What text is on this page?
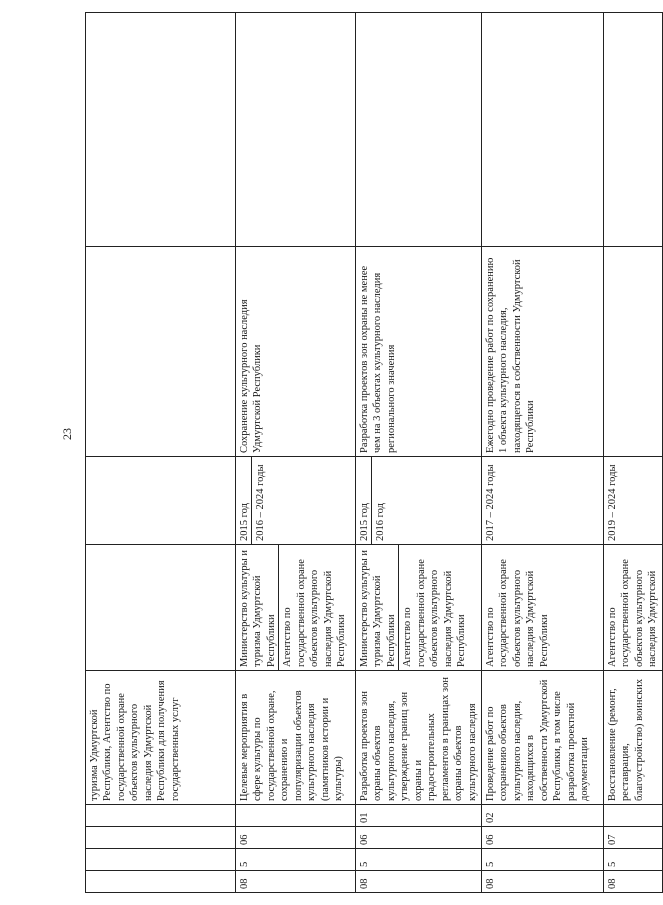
23
				туризма Удмуртской Республики, Агентство по государственной охране объектов культурного наследия Удмуртской Республики для получения государственных услуг				
08	5	06		Целевые мероприятия в сфере культуры по государственной охране, сохранению и популяризации объектов культурного наследия (памятников истории и культуры)	Министерство культуры и туризма Удмуртской Республики Агентство по государственной охране объектов культурного наследия Удмуртской Республики	2015 год 2016 – 2024 годы	Сохранение культурного наследия Удмуртской Республики	
08	5	06	01	Разработка проектов зон охраны объектов культурного наследия, утверждение границ зон охраны и градостроительных регламентов в границах зон охраны объектов культурного наследия	Министерство культуры и туризма Удмуртской Республики Агентство по государственной охране объектов культурного наследия Удмуртской Республики	2015 год 2016 год	Разработка проектов зон охраны не менее чем на 3 объектах культурного наследия регионального значения	
08	5	06	02	Проведение работ по сохранению объектов культурного наследия, находящихся в собственности Удмуртской Республики, в том числе разработка проектной документации	Агентство по государственной охране объектов культурного наследия Удмуртской Республики	2017 – 2024 годы	Ежегодно проведение работ по сохранению 1 объекта культурного наследия, находящегося в собственности Удмуртской Республики	
08	5	07		Восстановление (ремонт, реставрация, благоустройство) воинских	Агентство по государственной охране объектов культурного наследия Удмуртской	2019 – 2024 годы		
